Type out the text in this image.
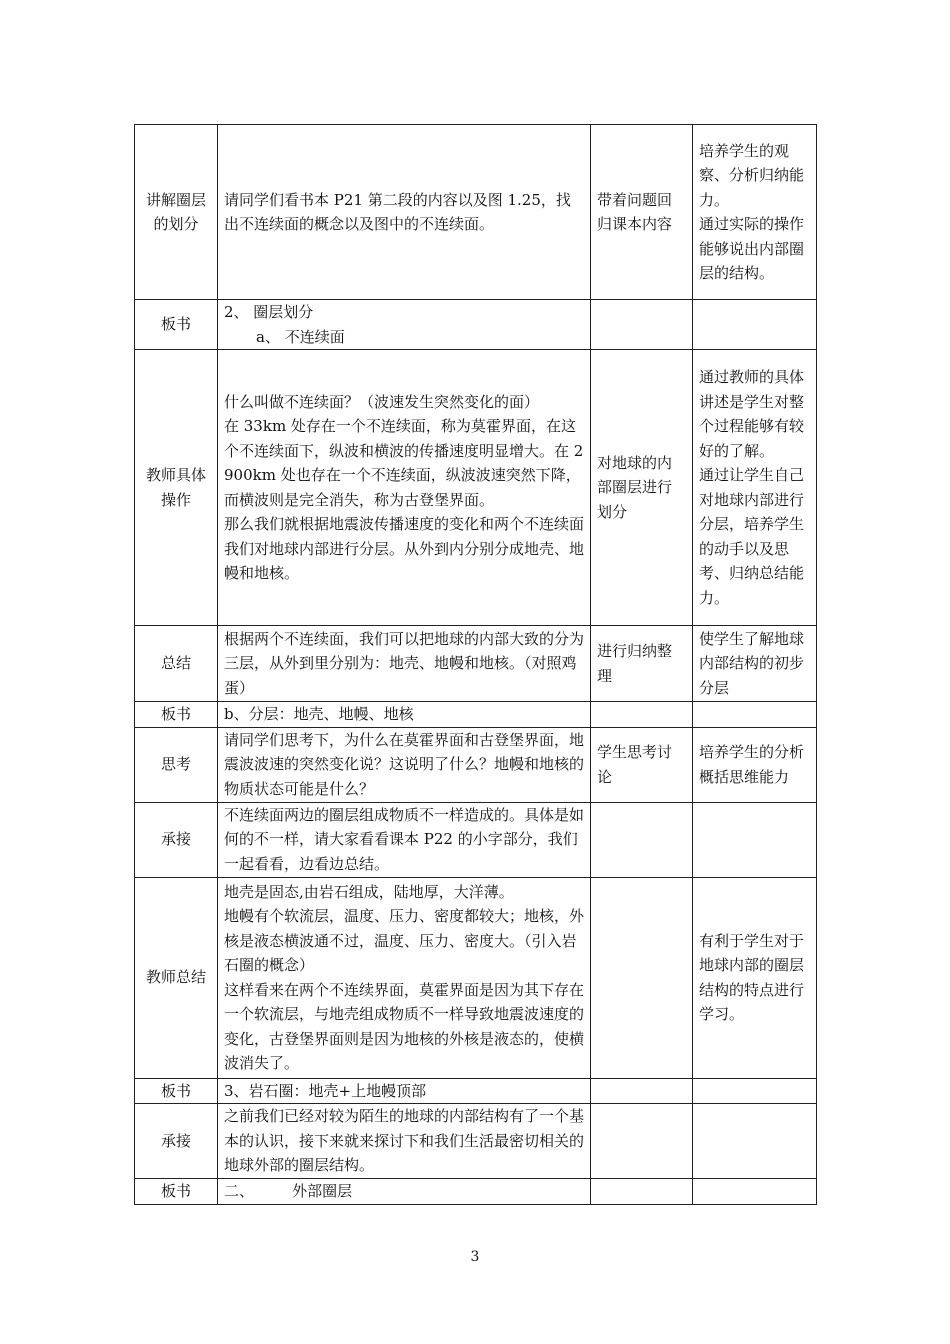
讲解圈层的划分	请同学们看书本 P21 第二段的内容以及图 1.25，找出不连续面的概念以及图中的不连续面。	带着问题回归课本内容	培养学生的观察、分析归纳能力。
通过实际的操作能够说出内部圈层的结构。
板书	2、 圈层划分
a、 不连续面		

教师具体操作	什么叫做不连续面？（波速发生突然变化的面）
在 33km 处存在一个不连续面，称为莫霍界面，在这个不连续面下，纵波和横波的传播速度明显增大。在 2900km 处也存在一个不连续面，纵波波速突然下降，而横波则是完全消失，称为古登堡界面。
那么我们就根据地震波传播速度的变化和两个不连续面我们对地球内部进行分层。从外到内分别分成地壳、地幔和地核。	对地球的内部圈层进行划分	通过教师的具体讲述是学生对整个过程能够有较好的了解。
通过让学生自己对地球内部进行分层，培养学生的动手以及思考、归纳总结能力。
总结	根据两个不连续面，我们可以把地球的内部大致的分为三层，从外到里分别为：地壳、地幔和地核。（对照鸡蛋）	进行归纳整理	使学生了解地球内部结构的初步分层
板书	b、分层：地壳、地幔、地核		
思考	请同学们思考下，为什么在莫霍界面和古登堡界面，地震波波速的突然变化说？这说明了什么？地幔和地核的物质状态可能是什么？	学生思考讨论	培养学生的分析概括思维能力
承接	不连续面两边的圈层组成物质不一样造成的。具体是如何的不一样，请大家看看课本 P22 的小字部分，我们一起看看，边看边总结。		
教师总结	地壳是固态,由岩石组成，陆地厚，大洋薄。
地幔有个软流层，温度、压力、密度都较大；地核，外核是液态横波通不过，温度、压力、密度大。（引入岩石圈的概念）
这样看来在两个不连续界面，莫霍界面是因为其下存在一个软流层，与地壳组成物质不一样导致地震波速度的变化，古登堡界面则是因为地核的外核是液态的，使横波消失了。		有利于学生对于地球内部的圈层结构的特点进行学习。
板书	3、岩石圈：地壳+上地幔顶部		
承接	之前我们已经对较为陌生的地球的内部结构有了一个基本的认识，接下来就来探讨下和我们生活最密切相关的地球外部的圈层结构。		
板书	二、        外部圈层		
3
